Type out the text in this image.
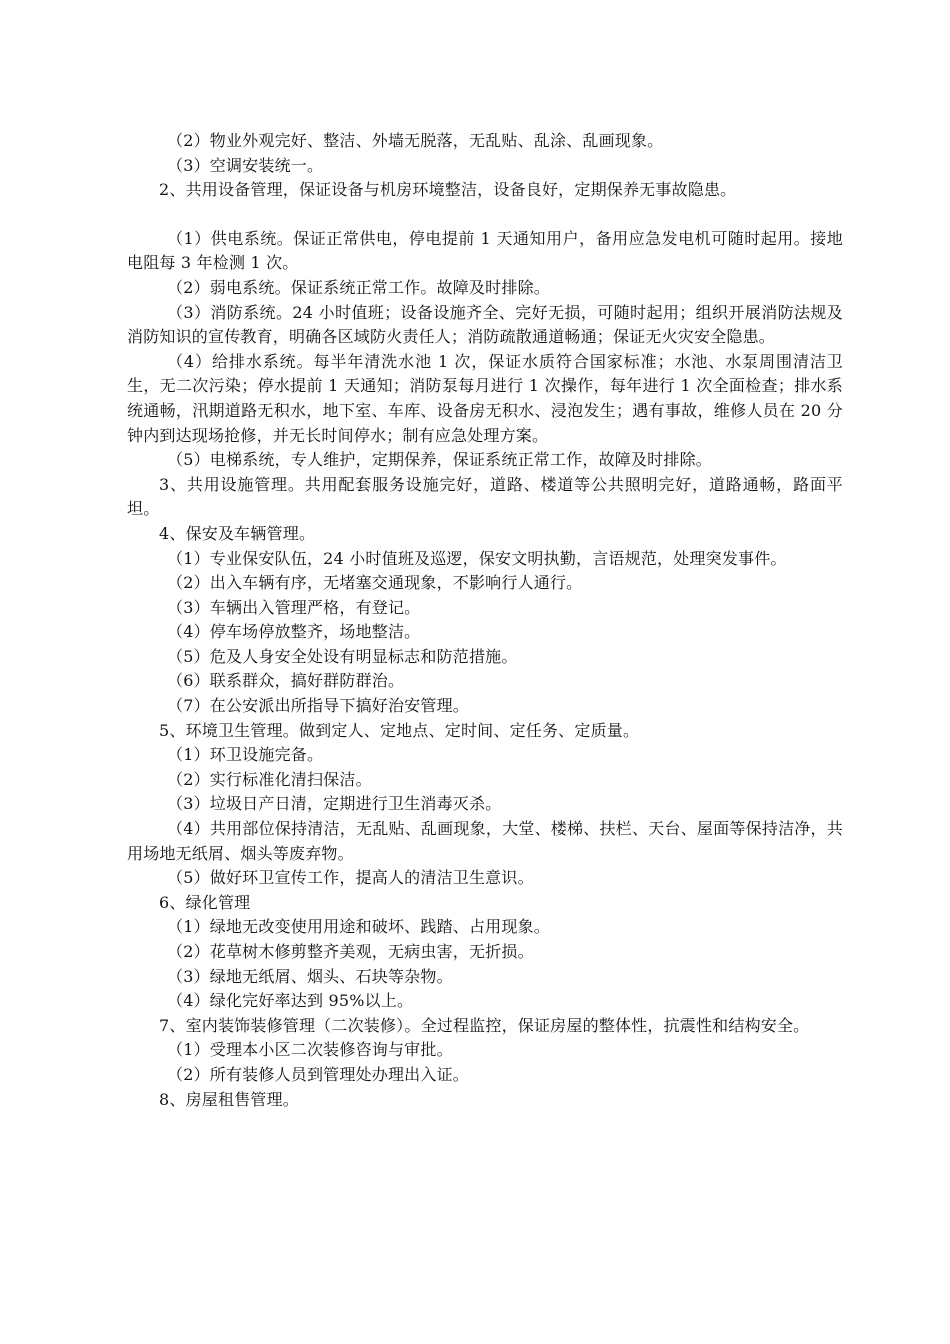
（2）物业外观完好、整洁、外墙无脱落，无乱贴、乱涂、乱画现象。

（3）空调安装统一。

2、共用设备管理，保证设备与机房环境整洁，设备良好，定期保养无事故隐患。

（1）供电系统。保证正常供电，停电提前 1 天通知用户，备用应急发电机可随时起用。接地电阻每 3 年检测 1 次。

（2）弱电系统。保证系统正常工作。故障及时排除。

（3）消防系统。24 小时值班；设备设施齐全、完好无损，可随时起用；组织开展消防法规及消防知识的宣传教育，明确各区域防火责任人；消防疏散通道畅通；保证无火灾安全隐患。

（4）给排水系统。每半年清洗水池 1 次，保证水质符合国家标准；水池、水泵周围清洁卫生，无二次污染；停水提前 1 天通知；消防泵每月进行 1 次操作，每年进行 1 次全面检查；排水系统通畅，汛期道路无积水，地下室、车库、设备房无积水、浸泡发生；遇有事故，维修人员在 20 分钟内到达现场抢修，并无长时间停水；制有应急处理方案。

（5）电梯系统，专人维护，定期保养，保证系统正常工作，故障及时排除。

3、共用设施管理。共用配套服务设施完好，道路、楼道等公共照明完好，道路通畅，路面平坦。

4、保安及车辆管理。

（1）专业保安队伍，24 小时值班及巡逻，保安文明执勤，言语规范，处理突发事件。

（2）出入车辆有序，无堵塞交通现象，不影响行人通行。

（3）车辆出入管理严格，有登记。

（4）停车场停放整齐，场地整洁。

（5）危及人身安全处设有明显标志和防范措施。

（6）联系群众，搞好群防群治。

（7）在公安派出所指导下搞好治安管理。

5、环境卫生管理。做到定人、定地点、定时间、定任务、定质量。

（1）环卫设施完备。

（2）实行标准化清扫保洁。

（3）垃圾日产日清，定期进行卫生消毒灭杀。

（4）共用部位保持清洁，无乱贴、乱画现象，大堂、楼梯、扶栏、天台、屋面等保持洁净，共用场地无纸屑、烟头等废弃物。

（5）做好环卫宣传工作，提高人的清洁卫生意识。

6、绿化管理

（1）绿地无改变使用用途和破坏、践踏、占用现象。

（2）花草树木修剪整齐美观，无病虫害，无折损。

（3）绿地无纸屑、烟头、石块等杂物。

（4）绿化完好率达到 95%以上。

7、室内装饰装修管理（二次装修）。全过程监控，保证房屋的整体性，抗震性和结构安全。

（1）受理本小区二次装修咨询与审批。

（2）所有装修人员到管理处办理出入证。

8、房屋租售管理。
